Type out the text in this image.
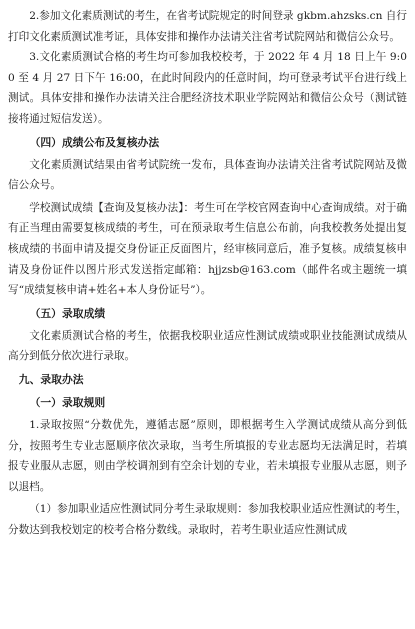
2.参加文化素质测试的考生，在省考试院规定的时间登录 gkbm.ahzsks.cn 自行打印文化素质测试准考证，具体安排和操作办法请关注省考试院网站和微信公众号。

3.文化素质测试合格的考生均可参加我校校考，于 2022 年 4 月 18 日上午 9:00 至 4 月 27 日下午 16:00，在此时间段内的任意时间，均可登录考试平台进行线上测试。具体安排和操作办法请关注合肥经济技术职业学院网站和微信公众号（测试链接将通过短信发送）。

（四）成绩公布及复核办法

文化素质测试结果由省考试院统一发布，具体查询办法请关注省考试院网站及微信公众号。

学校测试成绩【查询及复核办法】：考生可在学校官网查询中心查询成绩。对于确有正当理由需要复核成绩的考生，可在预录取考生信息公布前，向我校教务处提出复核成绩的书面申请及提交身份证正反面图片，经审核同意后，准予复核。成绩复核申请及身份证件以图片形式发送指定邮箱：hjjzsb@163.com（邮件名或主题统一填写“成绩复核申请+姓名+本人身份证号”）。

（五）录取成绩

文化素质测试合格的考生，依据我校职业适应性测试成绩或职业技能测试成绩从高分到低分依次进行录取。

九、录取办法

（一）录取规则

1.录取按照“分数优先，遵循志愿”原则，即根据考生入学测试成绩从高分到低分，按照考生专业志愿顺序依次录取，当考生所填报的专业志愿均无法满足时，若填报专业服从志愿，则由学校调剂到有空余计划的专业，若未填报专业服从志愿，则予以退档。

（1）参加职业适应性测试同分考生录取规则：参加我校职业适应性测试的考生，分数达到我校划定的校考合格分数线。录取时，若考生职业适应性测试成
